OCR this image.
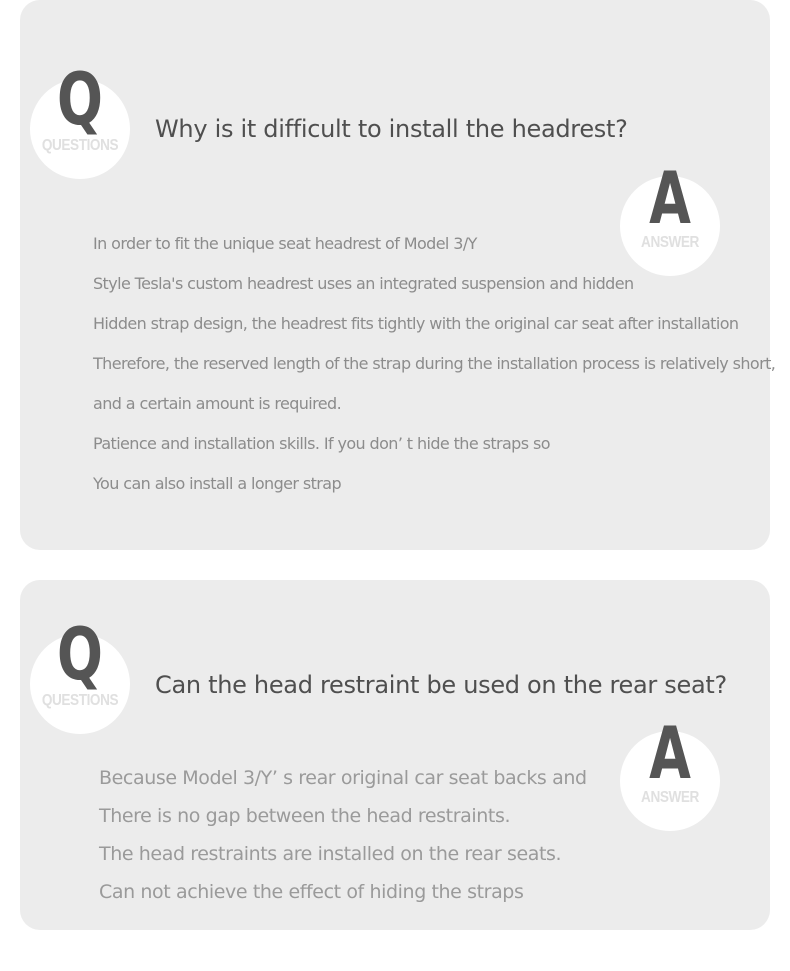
Q
QUESTIONS
Why is it difficult to install the headrest?
A
ANSWER
In order to fit the unique seat headrest of Model 3/Y
Style Tesla's custom headrest uses an integrated suspension and hidden
Hidden strap design, the headrest fits tightly with the original car seat after installation
Therefore, the reserved length of the strap during the installation process is relatively short,
and a certain amount is required.
Patience and installation skills. If you don’ t hide the straps so
You can also install a longer strap
Q
QUESTIONS
Can the head restraint be used on the rear seat?
A
ANSWER
Because Model 3/Y’ s rear original car seat backs and
There is no gap between the head restraints.
The head restraints are installed on the rear seats.
Can not achieve the effect of hiding the straps
